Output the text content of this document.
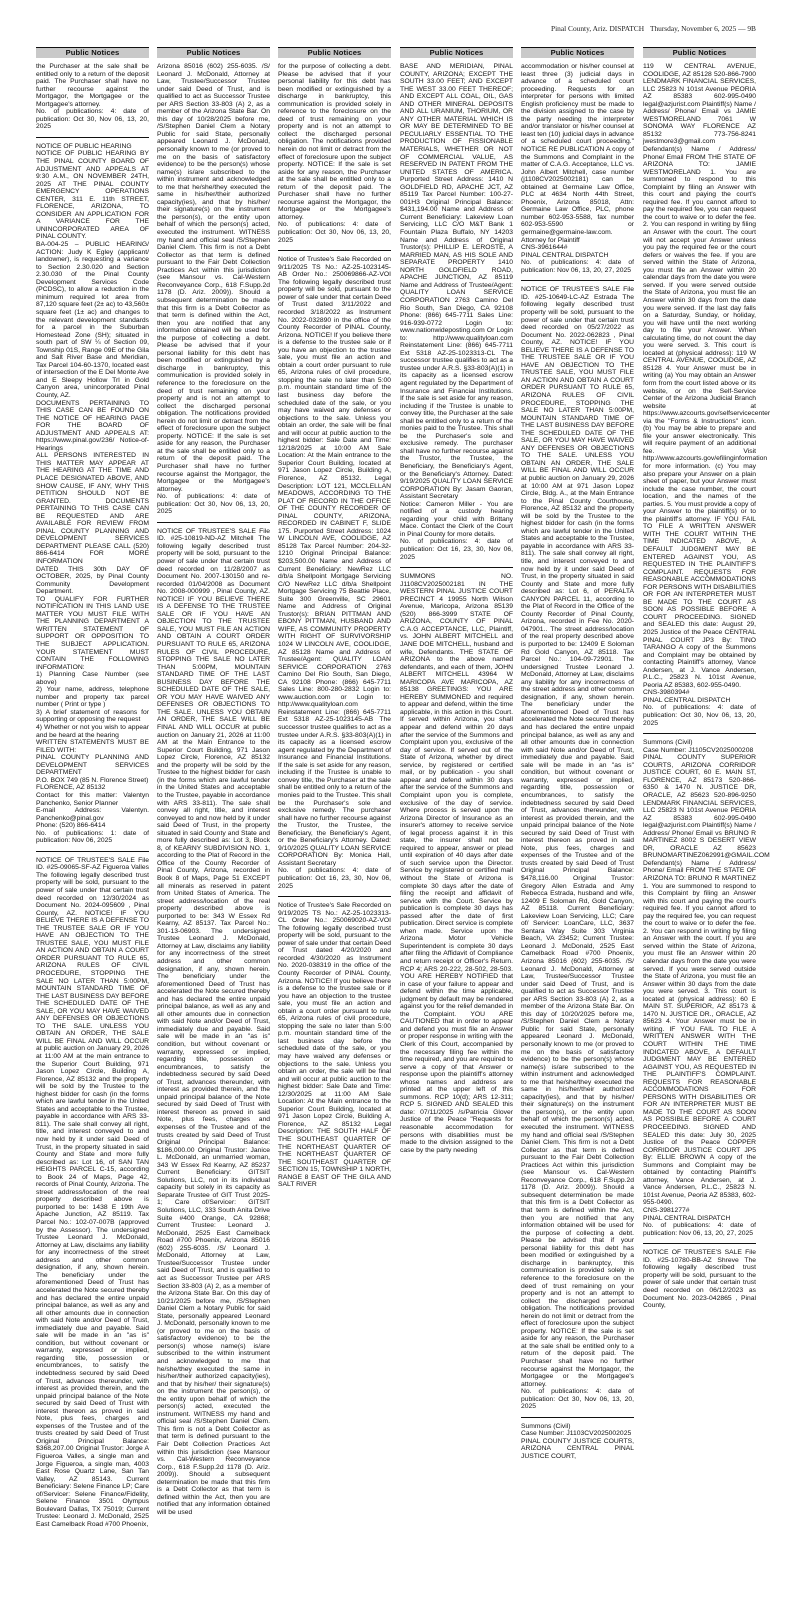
Pinal County, Ariz. DISPATCH Thursday, November 6, 2025 — 9B
Public Notices

the Purchaser at the sale shall be entitled only to a return of the deposit paid. The Purchaser shall have no further recourse against the Mortgagor, the Mortgagee or the Mortgagee's attorney.

No. of publications: 4: date of publication: Oct 30, Nov 06, 13, 20, 2025

NOTICE OF PUBLIC HEARING

NOTICE OF PUBLIC HEARING BY THE PINAL COUNTY BOARD OF ADJUSTMENT AND APPEALS AT 9:30 A.M., ON NOVEMBER 24TH, 2025 AT THE PINAL COUNTY EMERGENCY OPERATIONS CENTER, 311 E. 11th STREET, FLORENCE, ARIZONA, TO CONSIDER AN APPLICATION FOR A VARIANCE FOR THE UNINCORPORATED AREA OF PINAL COUNTY.

BA-004-25 – PUBLIC HEARING/ ACTION: Judy K Egley (applicant/ landowner), is requesting a variance to Section 2.30.020 and Section 2.30.030 of the Pinal County Development Services Code (PCDSC), to allow a reduction in the minimum required lot area from 87,120 square feet (2± ac) to 43,560± square feet (1± ac) and changes to the relevant development standards for a parcel in the Suburban Homestead Zone (SH); situated in south part of SW ¼ of Section 09, Township 01S, Range 09E of the Gila and Salt River Base and Meridian, Tax Parcel 104-60-1370, located east of intersection of the E Del Monte Ave and E Sleepy Hollow Trl in Gold Canyon area, unincorporated Pinal County, AZ.

DOCUMENTS PERTAINING TO THIS CASE CAN BE FOUND ON THE NOTICE OF HEARING PAGE FOR THE BOARD OF ADJUSTMENT AND APPEALS AT: https://www.pinal.gov/236/ Notice-of-Hearings

ALL PERSONS INTERESTED IN THIS MATTER MAY APPEAR AT THE HEARING AT THE TIME AND PLACE DESIGNATED ABOVE, AND SHOW CAUSE, IF ANY, WHY THIS PETITION SHOULD NOT BE GRANTED. DOCUMENTS PERTAINING TO THIS CASE CAN BE REQUESTED AND ARE AVAILABLE FOR REVIEW FROM PINAL COUNTY PLANNING AND DEVELOPMENT SERVICES DEPARTMENT PLEASE CALL (520) 866-6414 FOR MORE INFORMATION

DATED THIS 30th DAY OF OCTOBER, 2025, by Pinal County Community Development Department.

TO QUALIFY FOR FURTHER NOTIFICATION IN THIS LAND USE MATTER YOU MUST FILE WITH THE PLANNING DEPARTMENT A WRITTEN STATEMENT OF SUPPORT OR OPPOSITION TO THE SUBJECT APPLICATION. YOUR STATEMENT MUST CONTAIN THE FOLLOWING INFORMATION:

1) Planning Case Number (see above)

2) Your name, address, telephone number and property tax parcel number ( Print or type )

3) A brief statement of reasons for supporting or opposing the request

4) Whether or not you wish to appear and be heard at the hearing

WRITTEN STATEMENTS MUST BE FILED WITH:

PINAL COUNTY PLANNING AND DEVELOPMENT SERVICES DEPARTMENT

P.O. BOX 749 (85 N. Florence Street)

FLORENCE, AZ 85132

Contact for this matter: Valentyn Panchenko, Senior Planner

E-mail Address: Valentyn. Panchenko@pinal.gov

Phone: (520) 866-6414

No. of publications: 1: date of publication: Nov 06, 2025

NOTICE OF TRUSTEE'S SALE File ID. #25-09065-SF-AZ Figueroa Valles The following legally described trust property will be sold, pursuant to the power of sale under that certain trust deed recorded on 12/30/2024 as Document No. 2024-095609 , Pinal County, AZ. NOTICE! IF YOU BELIEVE THERE IS A DEFENSE TO THE TRUSTEE SALE OR IF YOU HAVE AN OBJECTION TO THE TRUSTEE SALE, YOU MUST FILE AN ACTION AND OBTAIN A COURT ORDER PURSUANT TO RULE 65, ARIZONA RULES OF CIVIL PROCEDURE, STOPPING THE SALE NO LATER THAN 5:00PM, MOUNTAIN STANDARD TIME OF THE LAST BUSINESS DAY BEFORE THE SCHEDULED DATE OF THE SALE, OR YOU MAY HAVE WAIVED ANY DEFENSES OR OBJECTIONS TO THE SALE. UNLESS YOU OBTAIN AN ORDER, THE SALE WILL BE FINAL AND WILL OCCUR at public auction on January 29, 2026 at 11:00 AM at the main entrance to the Superior Court Building, 971 Jason Lopez Circle, Building A, Florence, AZ 85132 and the property will be sold by the Trustee to the highest bidder for cash (in the forms which are lawful tender in the United States and acceptable to the Trustee, payable in accordance with ARS 33-811). The sale shall convey all right, title, and interest conveyed to and now held by it under said Deed of Trust, in the property situated in said County and State and more fully described as: Lot 16, of SAN TAN HEIGHTS PARCEL C-15, according to Book 24 of Maps, Page 42, records of Pinal County, Arizona. The street address/location of the real property described above is purported to be: 1438 E 19th Ave Apache Junction, AZ 85119. Tax Parcel No.: 102-07-007B (approved by the Assessor). The undersigned Trustee Leonard J. McDonald, Attorney at Law, disclaims any liability for any incorrectness of the street address and other common designation, if any, shown herein. The beneficiary under the aforementioned Deed of Trust has accelerated the Note secured thereby and has declared the entire unpaid principal balance, as well as any and all other amounts due in connection with said Note and/or Deed of Trust, immediately due and payable. Said sale will be made in an "as is" condition, but without covenant or warranty, expressed or implied, regarding title, possession or encumbrances, to satisfy the indebtedness secured by said Deed of Trust, advances thereunder, with interest as provided therein, and the unpaid principal balance of the Note secured by said Deed of Trust with interest thereon as proved in said Note, plus fees, charges and expenses of the Trustee and of the trusts created by said Deed of Trust Original Principal Balance: $368,207.00 Original Trustor: Jorge A Figueroa Valles, a single man and Jorge Figueroa, a single man, 4003 East Rose Quartz Lane, San Tan Valley, AZ 85143. Current Beneficiary: Selene Finance LP; Care of/Servicer: Selene Finance/Fidelity, Selene Finance 3501 Olympus Boulevard Dallas, TX 75019; Current Trustee: Leonard J. McDonald, 2525 East Camelback Road #700 Phoenix,

Public Notices

Arizona 85016 (602) 255-6035. /S/ Leonard J. McDonald, Attorney at Law, Trustee/Successor Trustee under said Deed of Trust, and is qualified to act as Successor Trustee per ARS Section 33-803 (A) 2, as a member of the Arizona State Bar. On this day of 10/28/2025 before me, /S/Stephen Daniel Clem a Notary Public for said State, personally appeared Leonard J. McDonald, personally known to me (or proved to me on the basis of satisfactory evidence) to be the person(s) whose name(s) is/are subscribed to the within instrument and acknowledged to me that he/she/they executed the same in his/her/their authorized capacity(ies), and that by his/her/ their signature(s) on the instrument the person(s), or the entity upon behalf of which the person(s) acted, executed the instrument. WITNESS my hand and official seal /S/Stephen Daniel Clem. This firm is not a Debt Collector as that term is defined pursuant to the Fair Debt Collection Practices Act within this jurisdiction (see Mansour vs. Cal-Western Reconveyance Corp., 618 F.Supp.2d 1178 (D. Ariz. 2009)). Should a subsequent determination be made that this firm is a Debt Collector as that term is defined within the Act, then you are notified that any information obtained will be used for the purpose of collecting a debt. Please be advised that if your personal liability for this debt has been modified or extinguished by a discharge in bankruptcy, this communication is provided solely in reference to the foreclosure on the deed of trust remaining on your property and is not an attempt to collect the discharged personal obligation. The notifications provided herein do not limit or detract from the effect of foreclosure upon the subject property. NOTICE: If the sale is set aside for any reason, the Purchaser at the sale shall be entitled only to a return of the deposit paid. The Purchaser shall have no further recourse against the Mortgagor, the Mortgagee or the Mortgagee's attorney.

No. of publications: 4: date of publication: Oct 30, Nov 06, 13, 20, 2025

NOTICE OF TRUSTEE'S SALE File ID. #25-10819-ND-AZ Mitchell The following legally described trust property will be sold, pursuant to the power of sale under that certain trust deed recorded on 11/28/2007 as Document No. 2007-130150 and re-recorded 01/04/2008 as Document No. 2008-000999 , Pinal County, AZ. NOTICE! IF YOU BELIEVE THERE IS A DEFENSE TO THE TRUSTEE SALE OR IF YOU HAVE AN OBJECTION TO THE TRUSTEE SALE, YOU MUST FILE AN ACTION AND OBTAIN A COURT ORDER PURSUANT TO RULE 65, ARIZONA RULES OF CIVIL PROCEDURE, STOPPING THE SALE NO LATER THAN 5:00PM, MOUNTAIN STANDARD TIME OF THE LAST BUSINESS DAY BEFORE THE SCHEDULED DATE OF THE SALE, OR YOU MAY HAVE WAIVED ANY DEFENSES OR OBJECTIONS TO THE SALE. UNLESS YOU OBTAIN AN ORDER, THE SALE WILL BE FINAL AND WILL OCCUR at public auction on January 21, 2026 at 11:00 AM at the Main Entrance to the Superior Court Building, 971 Jason Lopez Circle, Florence, AZ 85132 and the property will be sold by the Trustee to the highest bidder for cash (in the forms which are lawful tender in the United States and acceptable to the Trustee, payable in accordance with ARS 33-811). The sale shall convey all right, title, and interest conveyed to and now held by it under said Deed of Trust, in the property situated in said County and State and more fully described as: Lot 3, Block 8, of KEARNY SUBDIVISION NO. 1, according to the Plat of Record in the Office of the County Recorder of Pinal County, Arizona, recorded in Book 8 of Maps, Page 51 EXCEPT all minerals as reserved in patent from United States of America. The street address/location of the real property described above is purported to be: 343 W Essex Rd Kearny, AZ 85137. Tax Parcel No.: 301-13-06903. The undersigned Trustee Leonard J. McDonald, Attorney at Law, disclaims any liability for any incorrectness of the street address and other common designation, if any, shown herein. The beneficiary under the aforementioned Deed of Trust has accelerated the Note secured thereby and has declared the entire unpaid principal balance, as well as any and all other amounts due in connection with said Note and/or Deed of Trust, immediately due and payable. Said sale will be made in an "as is" condition, but without covenant or warranty, expressed or implied, regarding title, possession or encumbrances, to satisfy the indebtedness secured by said Deed of Trust, advances thereunder, with interest as provided therein, and the unpaid principal balance of the Note secured by said Deed of Trust with interest thereon as proved in said Note, plus fees, charges and expenses of the Trustee and of the trusts created by said Deed of Trust Original Principal Balance: $186,000.00 Original Trustor: Janice L. McDonald, an unmarried woman, 343 W Essex Rd Kearny, AZ 85237 Current Beneficiary: GITSIT Solutions, LLC, not in its individual capacity but solely in its capacity as Separate Trustee of GIT Trust 2025-1; Care of/Servicer: GITSIT Solutions, LLC, 333 South Anita Drive Suite #400 Orange, CA 92868; Current Trustee: Leonard J. McDonald, 2525 East Camelback Road #700 Phoenix, Arizona 85016 (602) 255-6035. /S/ Leonard J. McDonald, Attorney at Law, Trustee/Successor Trustee under said Deed of Trust, and is qualified to act as Successor Trustee per ARS Section 33-803 (A) 2, as a member of the Arizona State Bar. On this day of 10/21/2025 before me, /S/Stephen Daniel Clem a Notary Public for said State, personally appeared Leonard J. McDonald, personally known to me (or proved to me on the basis of satisfactory evidence) to be the person(s) whose name(s) is/are subscribed to the within instrument and acknowledged to me that he/she/they executed the same in his/her/their authorized capacity(ies), and that by his/her/ their signature(s) on the instrument the person(s), or the entity upon behalf of which the person(s) acted, executed the instrument. WITNESS my hand and official seal /S/Stephen Daniel Clem. This firm is not a Debt Collector as that term is defined pursuant to the Fair Debt Collection Practices Act within this jurisdiction (see Mansour vs. Cal-Western Reconveyance Corp., 618 F.Supp.2d 1178 (D. Ariz. 2009)). Should a subsequent determination be made that this firm is a Debt Collector as that term is defined within the Act, then you are notified that any information obtained will be used

Public Notices

for the purpose of collecting a debt. Please be advised that if your personal liability for this debt has been modified or extinguished by a discharge in bankruptcy, this communication is provided solely in reference to the foreclosure on the deed of trust remaining on your property and is not an attempt to collect the discharged personal obligation. The notifications provided herein do not limit or detract from the effect of foreclosure upon the subject property. NOTICE: If the sale is set aside for any reason, the Purchaser at the sale shall be entitled only to a return of the deposit paid. The Purchaser shall have no further recourse against the Mortgagor, the Mortgagee or the Mortgagee's attorney.

No. of publications: 4: date of publication: Oct 30, Nov 06, 13, 20, 2025

Notice of Trustee's Sale Recorded on 9/11/2025 TS No.: AZ-25-1023145-AB Order No.: 250069866-AZ-VOI The following legally described trust property will be sold, pursuant to the power of sale under that certain Deed of Trust dated 3/11/2022 and recorded 3/18/2022 as Instrument No. 2022-032890 in the office of the County Recorder of PINAL County, Arizona. NOTICE! If you believe there is a defense to the trustee sale or if you have an objection to the trustee sale, you must file an action and obtain a court order pursuant to rule 65, Arizona rules of civil procedure, stopping the sale no later than 5:00 p.m. mountain standard time of the last business day before the scheduled date of the sale, or you may have waived any defenses or objections to the sale. Unless you obtain an order, the sale will be final and will occur at public auction to the highest bidder: Sale Date and Time: 12/18/2025 at 10:00 AM Sale Location: At the Main entrance to the Superior Court Building, located at 971 Jason Lopez Circle, Building A, Florence, AZ 85132. Legal Description: LOT 121, MCCLELLAN MEADOWS, ACCORDING TO THE PLAT OF RECORD IN THE OFFICE OF THE COUNTY RECORDER OF PINAL COUNTY, ARIZONA, RECORDED IN CABINET F, SLIDE 175. Purported Street Address: 1024 W LINCOLN AVE, COOLIDGE, AZ 85128 Tax Parcel Number: 204-32-1210 Original Principal Balance: $203,500.00 Name and Address of Current Beneficiary: NewRez LLC d/b/a Shellpoint Mortgage Servicing C/O NewRez LLC d/b/a Shellpoint Mortgage Servicing 75 Beattie Place, Suite 300 Greenville, SC 29601 Name and Address of Original Trustor(s): BRIAN PITTMAN AND EBONY PITTMAN, HUSBAND AND WIFE, AS COMMUNITY PROPERTY WITH RIGHT OF SURVIVORSHIP 1024 W LINCOLN AVE, COOLIDGE, AZ 85128 Name and Address of Trustee/Agent: QUALITY LOAN SERVICE CORPORATION 2763 Camino Del Rio South, San Diego, CA 92108 Phone: (866) 645-7711 Sales Line: 800-280-2832 Login to: www.auction.com or Login to: http://www.qualityloan.com Reinstatement Line: (866) 645-7711 Ext 5318 AZ-25-1023145-AB The successor trustee qualifies to act as a trustee under A.R.S. §33-803(A)(1) in its capacity as a licensed escrow agent regulated by the Department of Insurance and Financial Institutions. If the sale is set aside for any reason, including if the Trustee is unable to convey title, the Purchaser at the sale shall be entitled only to a return of the monies paid to the Trustee. This shall be the Purchaser's sole and exclusive remedy. The purchaser shall have no further recourse against the Trustor, the Trustee, the Beneficiary, the Beneficiary's Agent, or the Beneficiary's Attorney. Dated: 9/10/2025 QUALITY LOAN SERVICE CORPORATION By: Monica Hall, Assistant Secretary

No. of publications: 4: date of publication: Oct 16, 23, 30, Nov 06, 2025

Notice of Trustee's Sale Recorded on 9/19/2025 TS No.: AZ-25-1023313-CL Order No.: 250069020-AZ-VOI The following legally described trust property will be sold, pursuant to the power of sale under that certain Deed of Trust dated 4/20/2020 and recorded 4/30/2020 as Instrument No. 2020-038319 in the office of the County Recorder of PINAL County, Arizona. NOTICE! If you believe there is a defense to the trustee sale or if you have an objection to the trustee sale, you must file an action and obtain a court order pursuant to rule 65, Arizona rules of civil procedure, stopping the sale no later than 5:00 p.m. mountain standard time of the last business day before the scheduled date of the sale, or you may have waived any defenses or objections to the sale. Unless you obtain an order, the sale will be final and will occur at public auction to the highest bidder: Sale Date and Time: 12/30/2025 at 11:00 AM Sale Location: At the Main entrance to the Superior Court Building, located at 971 Jason Lopez Circle, Building A, Florence, AZ 85132 Legal Description: THE SOUTH HALF OF THE SOUTHEAST QUARTER OF THE NORTHEAST QUARTER OF THE NORTHEAST QUARTER OF THE SOUTHEAST QUARTER OF SECTION 15, TOWNSHIP 1 NORTH, RANGE 8 EAST OF THE GILA AND SALT RIVER

Public Notices

BASE AND MERIDIAN, PINAL COUNTY, ARIZONA; EXCEPT THE SOUTH 33.00 FEET; AND EXCEPT THE WEST 33.00 FEET THEREOF; AND EXCEPT ALL COAL, OIL, GAS AND OTHER MINERAL DEPOSITS AND ALL URANIUM, THORIUM, OR ANY OTHER MATERIAL WHICH IS OR MAY BE DETERMINED TO BE PECULIARLY ESSENTIAL TO THE PRODUCTION OF FISSIONABLE MATERIALS, WHETHER OR NOT OF COMMERCIAL VALUE, AS RESERVED IN PATENT FROM THE UNITED STATES OF AMERICA. Purported Street Address: 1410 N GOLDFIELD RD, APACHE JCT, AZ 85119 Tax Parcel Number: 100-27-001H3 Original Principal Balance: $431,194.00 Name and Address of Current Beneficiary: Lakeview Loan Servicing, LLC C/O M&T Bank 1 Fountain Plaza Buffalo, NY 14203 Name and Address of Original Trustor(s): PHILLIP E. LEROSTE, A MARRIED MAN, AS HIS SOLE AND SEPARATE PROPERTY 1410 NORTH GOLDFIELD ROAD, APACHE JUNCTION, AZ 85119 Name and Address of Trustee/Agent: QUALITY LOAN SERVICE CORPORATION 2763 Camino Del Rio South, San Diego, CA 92108 Phone: (866) 645-7711 Sales Line: 916-939-0772 Login to: www.nationwideposting.com Or Login to: http://www.qualityloan.com Reinstatement Line: (866) 645-7711 Ext 5318 AZ-25-1023313-CL The successor trustee qualifies to act as a trustee under A.R.S. §33-803(A)(1) in its capacity as a licensed escrow agent regulated by the Department of Insurance and Financial Institutions. If the sale is set aside for any reason, including if the Trustee is unable to convey title, the Purchaser at the sale shall be entitled only to a return of the monies paid to the Trustee. This shall be the Purchaser's sole and exclusive remedy. The purchaser shall have no further recourse against the Trustor, the Trustee, the Beneficiary, the Beneficiary's Agent, or the Beneficiary's Attorney. Dated: 9/19/2025 QUALITY LOAN SERVICE CORPORATION By: Jasam Gaoran, Assistant Secretary

Notice: Cameron Miller - You are notified of a custody hearing regarding your child with Brittany Mace. Contact the Clerk of the Court in Pinal County for more details.

No. of publications: 4: date of publication: Oct 16, 23, 30, Nov 06, 2025

SUMMONS NO. J1108CV2025002181 IN THE WESTERN PINAL JUSTICE COURT PRECINCT 4 19955 North Wilson Avenue, Maricopa, Arizona 85139 (520) 866-3999 STATE OF ARIZONA, COUNTY OF PINAL C.A.G ACCEPTANCE, LLC, Plaintiff, vs. JOHN ALBERT MITCHELL and JANE DOE MITCHELL, husband and wife, Defendants. THE STATE OF ARIZONA to the above named defendants, and each of them, JOHN ALBERT MITCHELL 43964 W MARICOPA AVE MARICOPA, AZ 85138 GREETINGS: YOU ARE HEREBY SUMMONED and required to appear and defend, within the time applicable, in this action in this Court. If served within Arizona, you shall appear and defend within 20 days after the service of the Summons and Complaint upon you, exclusive of the day of service. If served out of the State of Arizona, whether by direct service, by registered or certified mail, or by publication - you shall appear and defend within 30 days after the service of the Summons and Complaint upon you is complete, exclusive of the day of service. Where process is served upon the Arizona Director of Insurance as an insurer's attorney to receive service of legal process against it in this state, the insurer shall not be required to appear, answer or plead until expiration of 40 days after date of such service upon the Director. Service by registered or certified mail without the State of Arizona is complete 30 days after the date of filing the receipt and affidavit of service with the Court. Service by publication is complete 30 days has passed after the date of first publication. Direct service is complete when made. Service upon the Arizona Motor Vehicle Superintendent is complete 30 days after filing the Affidavit of Compliance and return receipt or Officer's Return. RCP 4; ARS 20-222, 28-502, 28-503. YOU ARE HEREBY NOTIFIED that in case of your failure to appear and defend within the time applicable, judgment by default may be rendered against you for the relief demanded in the Complaint. YOU ARE CAUTIONED that in order to appear and defend you must file an Answer or proper response in writing with the Clerk of this Court, accompanied by the necessary filing fee within the time required, and you are required to serve a copy of that Answer or response upon the plaintiff's attorney whose names and address are printed at the upper left of this summons. RCP 10(d); ARS 12-311; RCP 5. SIGNED AND SEALED this date: 07/11/2025 /s/Patricia Glover Justice of the Peace "Requests for reasonable accommodation for persons with disabilities must be made to the division assigned to the case by the party needing

Public Notices

accommodation or his/her counsel at least three (3) judicial days in advance of a scheduled court proceeding. Requests for an interpreter for persons with limited English proficiency must be made to the division assigned to the case by the party needing the interpreter and/or translator or his/her counsel at least ten (10) judicial days in advance of a scheduled court proceeding." NOTICE RE PUBLICATION A copy of the Summons and Complaint in the matter of C.A.G. Acceptance, LLC vs. John Albert Mitchell, case number (j1108CV2025002181) can be obtained at Germaine Law Office, PLC at 4634 North 44th Street, Phoenix, Arizona 85018, Attn: Germaine Law Office, PLC, phone number 602-953-5588, fax number 602-953-5590 or germaine@germaine-law.com. Attorney for Plaintiff

CNS-3961644#

PINAL CENTRAL DISPATCH

No. of publications: 4: date of publication: Nov 06, 13, 20, 27, 2025

NOTICE OF TRUSTEE'S SALE File ID. #25-10649-LC-AZ Estrada The following legally described trust property will be sold, pursuant to the power of sale under that certain trust deed recorded on 05/27/2022 as Document No. 2022-062823 , Pinal County, AZ. NOTICE! IF YOU BELIEVE THERE IS A DEFENSE TO THE TRUSTEE SALE OR IF YOU HAVE AN OBJECTION TO THE TRUSTEE SALE, YOU MUST FILE AN ACTION AND OBTAIN A COURT ORDER PURSUANT TO RULE 65, ARIZONA RULES OF CIVIL PROCEDURE, STOPPING THE SALE NO LATER THAN 5:00PM, MOUNTAIN STANDARD TIME OF THE LAST BUSINESS DAY BEFORE THE SCHEDULED DATE OF THE SALE, OR YOU MAY HAVE WAIVED ANY DEFENSES OR OBJECTIONS TO THE SALE. UNLESS YOU OBTAIN AN ORDER, THE SALE WILL BE FINAL AND WILL OCCUR at public auction on January 29, 2026 at 10:00 AM at 971 Jason Lopez Circle, Bldg. A., at the Main Entrance to the Pinal County Courthouse, Florence, AZ 85132 and the property will be sold by the Trustee to the highest bidder for cash (in the forms which are lawful tender in the United States and acceptable to the Trustee, payable in accordance with ARS 33-811). The sale shall convey all right, title, and interest conveyed to and now held by it under said Deed of Trust, in the property situated in said County and State and more fully described as: Lot 6, of PERALTA CANYON PARCEL 11, according to the Plat of Record in the Office of the County Recorder of Pinal County, Arizona, recorded in Fee No. 2020-047901.. The street address/location of the real property described above is purported to be: 12409 E Soloman Rd Gold Canyon, AZ 85118. Tax Parcel No.: 104-09-72901. The undersigned Trustee Leonard J. McDonald, Attorney at Law, disclaims any liability for any incorrectness of the street address and other common designation, if any, shown herein. The beneficiary under the aforementioned Deed of Trust has accelerated the Note secured thereby and has declared the entire unpaid principal balance, as well as any and all other amounts due in connection with said Note and/or Deed of Trust, immediately due and payable. Said sale will be made in an "as is" condition, but without covenant or warranty, expressed or implied, regarding title, possession or encumbrances, to satisfy the indebtedness secured by said Deed of Trust, advances thereunder, with interest as provided therein, and the unpaid principal balance of the Note secured by said Deed of Trust with interest thereon as proved in said Note, plus fees, charges and expenses of the Trustee and of the trusts created by said Deed of Trust Original Principal Balance: $478,116.00 Original Trustor: Gregory Allen Estrada and Amy Rebecca Estrada, husband and wife, 12409 E Soloman Rd, Gold Canyon, AZ 85118. Current Beneficiary: Lakeview Loan Servicing, LLC; Care of/ Servicer: LoanCare, LLC, 3637 Sentara Way Suite 303 Virginia Beach, VA 23452; Current Trustee: Leonard J. McDonald, 2525 East Camelback Road #700 Phoenix, Arizona 85016 (602) 255-6035. /S/ Leonard J. McDonald, Attorney at Law, Trustee/Successor Trustee under said Deed of Trust, and is qualified to act as Successor Trustee per ARS Section 33-803 (A) 2, as a member of the Arizona State Bar. On this day of 10/20/2025 before me, /S/Stephen Daniel Clem a Notary Public for said State, personally appeared Leonard J. McDonald, personally known to me (or proved to me on the basis of satisfactory evidence) to be the person(s) whose name(s) is/are subscribed to the within instrument and acknowledged to me that he/she/they executed the same in his/her/their authorized capacity(ies), and that by his/her/ their signature(s) on the instrument the person(s), or the entity upon behalf of which the person(s) acted, executed the instrument. WITNESS my hand and official seal /S/Stephen Daniel Clem. This firm is not a Debt Collector as that term is defined pursuant to the Fair Debt Collection Practices Act within this jurisdiction (see Mansour vs. Cal-Western Reconveyance Corp., 618 F.Supp.2d 1178 (D. Ariz. 2009)). Should a subsequent determination be made that this firm is a Debt Collector as that term is defined within the Act, then you are notified that any information obtained will be used for the purpose of collecting a debt. Please be advised that if your personal liability for this debt has been modified or extinguished by a discharge in bankruptcy, this communication is provided solely in reference to the foreclosure on the deed of trust remaining on your property and is not an attempt to collect the discharged personal obligation. The notifications provided herein do not limit or detract from the effect of foreclosure upon the subject property. NOTICE: If the sale is set aside for any reason, the Purchaser at the sale shall be entitled only to a return of the deposit paid. The Purchaser shall have no further recourse against the Mortgagor, the Mortgagee or the Mortgagee's attorney.

No. of publications: 4: date of publication: Oct 30, Nov 06, 13, 20, 2025

Summons (Civil)

Case Number: J1103CV2025002025

PINAL COUNTY JUSTICE COURTS, ARIZONA CENTRAL PINAL JUSTICE COURT,

Public Notices

119 W CENTRAL AVENUE, COOLIDGE, AZ 85128 520-866-7900 LENDMARK FINANCIAL SERVICES, LLC 25823 N 101st Avenue PEORIA AZ 85383 602-995-0490 legal@azjurist.com Plaintiff(s) Name / Address/ Phone/ Email vs JAMIE WESTMORELAND 7061 W SONOMA WAY FLORENCE AZ 85132 773-756-8241 jwestmore3@gmail.com Defendant(s) Name / Address/ Phone/ Email FROM THE STATE OF ARIZONA TO: JAMIE WESTMORELAND 1. You are summoned to respond to this Complaint by filing an Answer with this court and paying the court's required fee. If you cannot afford to pay the required fee, you can request the court to waive or to defer the fee. 2. You can respond in writing by filing an Answer with the court. The court will not accept your Answer unless you pay the required fee or the court defers or waives the fee. If you are served within the State of Arizona, you must file an Answer within 20 calendar days from the date you were served. If you were served outside the State of Arizona, you must file an Answer within 30 days from the date you were served. If the last day falls on a Saturday, Sunday, or holiday, you will have until the next working day to file your Answer. When calculating time, do not count the day you were served. 3. This court is located at (physical address): 119 W CENTRAL AVENUE, COOLIDGE, AZ 85128 4. Your Answer must be in writing (a) You may obtain an Answer form from the court listed above or its website, or on the Self-Service Center of the Arizona Judicial Branch website at https://www.azcourts.gov/selfservicecenter via the "Forms & Instructions" icon. (b) You may be able to prepare and file your answer electronically. This will require payment of an additional fee. Visit http://www.azcourts.gov/efilinginformation for more information. (c) You may also prepare your Answer on a plain sheet of paper, but your Answer must include the case number, the court location, and the names of the parties. 5. You must provide a copy of your Answer to the plaintiff(s) or to the plaintiff's attorney. IF YOU FAIL TO FILE A WRITTEN ANSWER WITH THE COURT WITHIN THE TIME INDICATED ABOVE, A DEFAULT JUDGMENT MAY BE ENTERED AGAINST YOU, AS REQUESTED IN THE PLAINTIFF'S COMPLAINT. REQUESTS FOR REASONABLE ACCOMMODATIONS FOR PERSONS WITH DISABILITIES OR FOR AN INTERPRETER MUST BE MADE TO THE COURT AS SOON AS POSSIBLE BEFORE A COURT PROCEEDING. SIGNED and SEALED this date: August 29, 2025 Justice of the Peace CENTRAL PINAL COURT JP3 By: TINO TARANGO A copy of the Summons and Complaint may be obtained by contacting Plaintiff's attorney, Vance Andersen, at J. Vance Andersen, P.L.C., 25823 N. 101st Avenue, Peoria AZ 85383, 602-955-0490.

CNS-3980394#

PINAL CENTRAL DISPATCH

No. of publications: 4: date of publication: Oct 30, Nov 06, 13, 20, 2025

Summons (Civil)

Case Number: J1105CV2025000208

PINAL COUNTY SUPERIOR COURTS, ARIZONA CORRIDOR JUSTICE COURT, 60 E. MAIN ST, FLORENCE, AZ 85173 520-866-6350 & 1470 N. JUSTICE DR, ORACLE, AZ 85623 520-896-9250 LENDMARK FINANCIAL SERVICES, LLC 25823 N 101st Avenue PEORIA AZ 85383 602-995-0490 legal@azjurist.com Plaintiff(s) Name / Address/ Phone/ Email vs BRUNO R MARTINEZ 8002 S DESERT VIEW DR, ORACLE AZ 85623 BRUNOMARTINEZ062991@GMAIL.COM Defendant(s) Name / Address/ Phone/ Email FROM THE STATE OF ARIZONA TO: BRUNO R MARTINEZ 1. You are summoned to respond to this Complaint by filing an Answer with this court and paying the court's required fee. If you cannot afford to pay the required fee, you can request the court to waive or to defer the fee. 2. You can respond in writing by filing an Answer with the court. If you are served within the State of Arizona, you must file an Answer within 20 calendar days from the date you were served. If you were served outside the State of Arizona, you must file an Answer within 30 days from the date you were served. 3. This court is located at (physical address): 60 E MAIN ST. SUPERIOR, AZ 85173 & 1470 N. JUSTICE DR., ORACLE, AZ 85623 4. Your Answer must be in writing. IF YOU FAIL TO FILE A WRITTEN ANSWER WITH THE COURT WITHIN THE TIME INDICATED ABOVE, A DEFAULT JUDGMENT MAY BE ENTERED AGAINST YOU, AS REQUESTED IN THE PLAINTIFF'S COMPLAINT. REQUESTS FOR REASONABLE ACCOMMODATIONS FOR PERSONS WITH DISABILITIES OR FOR AN INTERPRETER MUST BE MADE TO THE COURT AS SOON AS POSSIBLE BEFORE A COURT PROCEEDING. SIGNED AND SEALED this date: July 30, 2025 Justice of the Peace COPPER CORRIDOR JUSTICE COURT JP5 By: ELLIE BROWN A copy of the Summons and Complaint may be obtained by contacting Plaintiff's attorney, Vance Andersen, at J. Vance Andersen, P.L.C., 25823 N. 101st Avenue, Peoria AZ 85383, 602-955-0490.

CNS-3981277#

PINAL CENTRAL DISPATCH

No. of publications: 4: date of publication: Nov 06, 13, 20, 27, 2025

NOTICE OF TRUSTEE'S SALE File ID. #25-10780-BB-AZ Shreve The following legally described trust property will be sold, pursuant to the power of sale under that certain trust deed recorded on 06/12/2023 as Document No. 2023-042865 , Pinal County,
